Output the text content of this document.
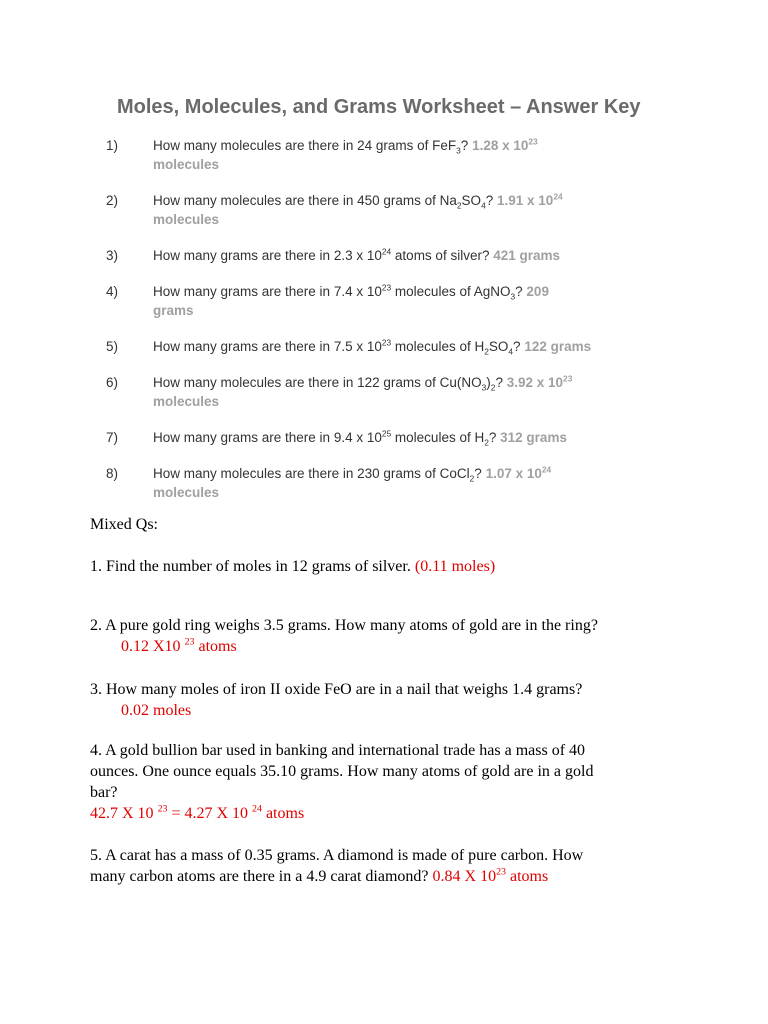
Moles, Molecules, and Grams Worksheet – Answer Key
1)	How many molecules are there in 24 grams of FeF$_3$? 1.28 x $10^{23}$
molecules
2)	How many molecules are there in 450 grams of $Na_2SO_4$? 1.91 x $10^{24}$
molecules
3)	How many grams are there in 2.3 x $10^{24}$ atoms of silver? 421 grams
4)	How many grams are there in 7.4 x $10^{23}$ molecules of AgNO$_3$? 209
grams
5)	How many grams are there in 7.5 x $10^{23}$ molecules of $H_2SO_4$? 122 grams
6)	How many molecules are there in 122 grams of $Cu(NO_3)_2$? 3.92 x $10^{23}$
molecules
7)	How many grams are there in 9.4 x $10^{25}$ molecules of $H_2$? 312 grams
8)	How many molecules are there in 230 grams of CoCl$_2$? 1.07 x $10^{24}$
molecules
Mixed Qs:
1. Find the number of moles in 12 grams of silver. (0.11 moles)
2. A pure gold ring weighs 3.5 grams. How many atoms of gold are in the ring?
0.12 X10 $^{23}$ atoms
3. How many moles of iron II oxide FeO are in a nail that weighs 1.4 grams?
0.02 moles
4. A gold bullion bar used in banking and international trade has a mass of 40
ounces. One ounce equals 35.10 grams. How many atoms of gold are in a gold
bar?
42.7 X 10 $^{23}$ = 4.27 X 10 $^{24}$ atoms
5. A carat has a mass of 0.35 grams. A diamond is made of pure carbon. How
many carbon atoms are there in a 4.9 carat diamond? 0.84 X $10^{23}$ atoms
